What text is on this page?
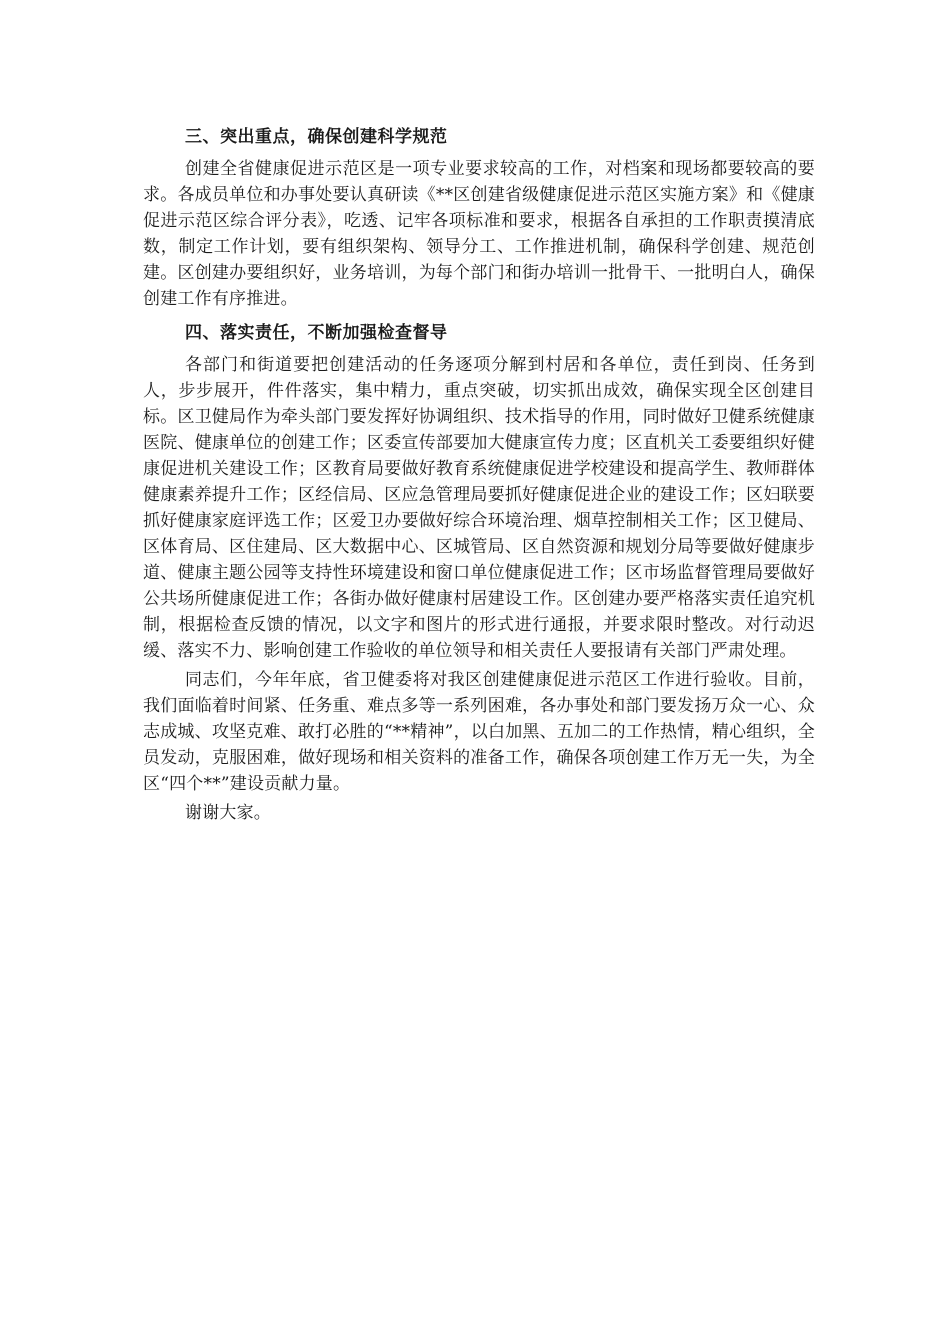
三、突出重点，确保创建科学规范

创建全省健康促进示范区是一项专业要求较高的工作，对档案和现场都要较高的要求。各成员单位和办事处要认真研读《**区创建省级健康促进示范区实施方案》和《健康促进示范区综合评分表》，吃透、记牢各项标准和要求，根据各自承担的工作职责摸清底数，制定工作计划，要有组织架构、领导分工、工作推进机制，确保科学创建、规范创建。区创建办要组织好，业务培训，为每个部门和街办培训一批骨干、一批明白人，确保创建工作有序推进。

四、落实责任，不断加强检查督导

各部门和街道要把创建活动的任务逐项分解到村居和各单位，责任到岗、任务到人，步步展开，件件落实，集中精力，重点突破，切实抓出成效，确保实现全区创建目标。区卫健局作为牵头部门要发挥好协调组织、技术指导的作用，同时做好卫健系统健康医院、健康单位的创建工作；区委宣传部要加大健康宣传力度；区直机关工委要组织好健康促进机关建设工作；区教育局要做好教育系统健康促进学校建设和提高学生、教师群体健康素养提升工作；区经信局、区应急管理局要抓好健康促进企业的建设工作；区妇联要抓好健康家庭评选工作；区爱卫办要做好综合环境治理、烟草控制相关工作；区卫健局、区体育局、区住建局、区大数据中心、区城管局、区自然资源和规划分局等要做好健康步道、健康主题公园等支持性环境建设和窗口单位健康促进工作；区市场监督管理局要做好公共场所健康促进工作；各街办做好健康村居建设工作。区创建办要严格落实责任追究机制，根据检查反馈的情况，以文字和图片的形式进行通报，并要求限时整改。对行动迟缓、落实不力、影响创建工作验收的单位领导和相关责任人要报请有关部门严肃处理。

同志们，今年年底，省卫健委将对我区创建健康促进示范区工作进行验收。目前，我们面临着时间紧、任务重、难点多等一系列困难，各办事处和部门要发扬万众一心、众志成城、攻坚克难、敢打必胜的“**精神”，以白加黑、五加二的工作热情，精心组织，全员发动，克服困难，做好现场和相关资料的准备工作，确保各项创建工作万无一失，为全区“四个**”建设贡献力量。

谢谢大家。
